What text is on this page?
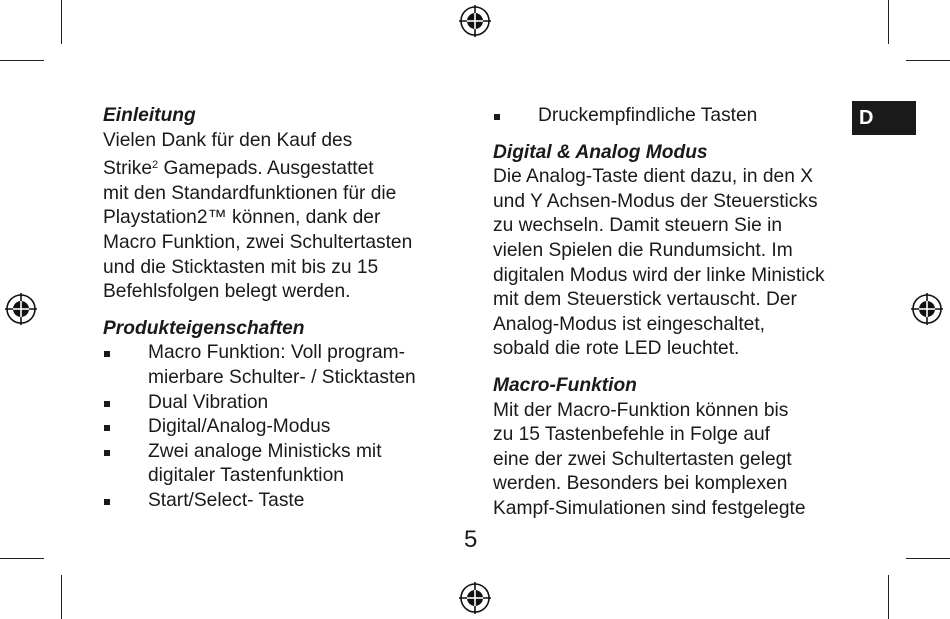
Einleitung

Vielen Dank für den Kauf des
Strike$^2$ Gamepads. Ausgestattet
mit den Standardfunktionen für die
Playstation2™ können, dank der
Macro Funktion, zwei Schultertasten
und die Sticktasten mit bis zu 15
Befehlsfolgen belegt werden.

Produkteigenschaften

Macro Funktion: Voll program-
mierbare Schulter- / Sticktasten
Dual Vibration
Digital/Analog-Modus
Zwei analoge Ministicks mit
digitaler Tastenfunktion
Start/Select- Taste
Druckempfindliche Tasten

Digital & Analog Modus

Die Analog-Taste dient dazu, in den X
und Y Achsen-Modus der Steuersticks
zu wechseln. Damit steuern Sie in
vielen Spielen die Rundumsicht. Im
digitalen Modus wird der linke Ministick
mit dem Steuerstick vertauscht. Der
Analog-Modus ist eingeschaltet,
sobald die rote LED leuchtet.

Macro-Funktion

Mit der Macro-Funktion können bis
zu 15 Tastenbefehle in Folge auf
eine der zwei Schultertasten gelegt
werden. Besonders bei komplexen
Kampf-Simulationen sind festgelegte

D
5
